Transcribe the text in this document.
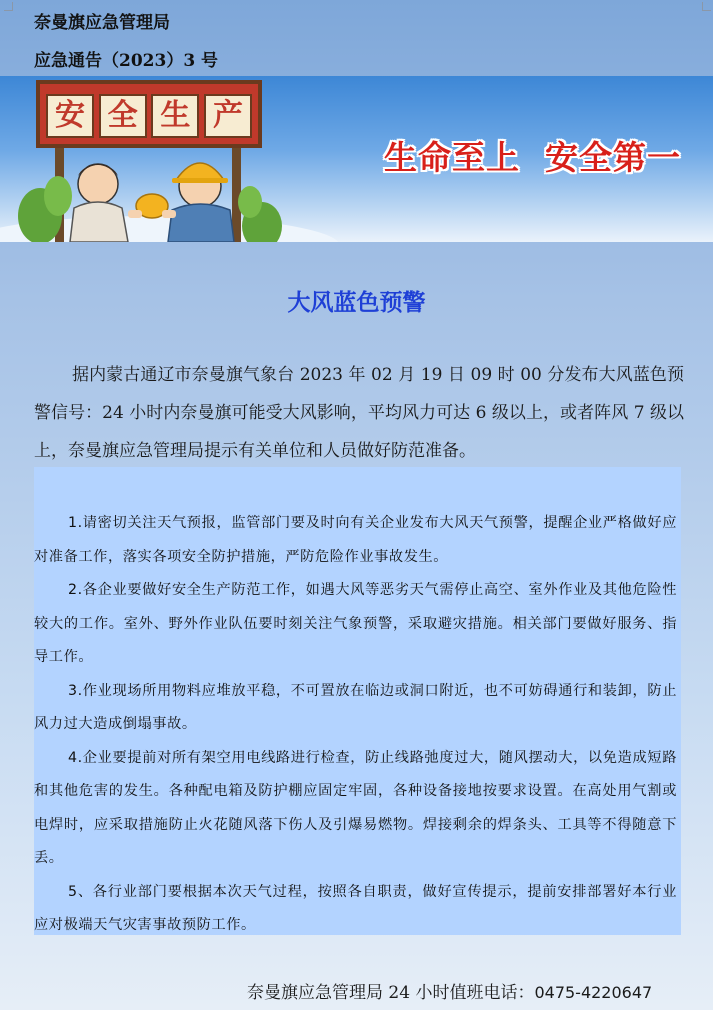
奈曼旗应急管理局
应急通告（2023）3 号
安 全 生 产
生命至上  安全第一
大风蓝色预警
据内蒙古通辽市奈曼旗气象台 2023 年 02 月 19 日 09 时 00 分发布大风蓝色预警信号：24 小时内奈曼旗可能受大风影响，平均风力可达 6 级以上，或者阵风 7 级以上，奈曼旗应急管理局提示有关单位和人员做好防范准备。

1.请密切关注天气预报，监管部门要及时向有关企业发布大风天气预警，提醒企业严格做好应对准备工作，落实各项安全防护措施，严防危险作业事故发生。

2.各企业要做好安全生产防范工作，如遇大风等恶劣天气需停止高空、室外作业及其他危险性较大的工作。室外、野外作业队伍要时刻关注气象预警，采取避灾措施。相关部门要做好服务、指导工作。

3.作业现场所用物料应堆放平稳，不可置放在临边或洞口附近，也不可妨碍通行和装卸，防止风力过大造成倒塌事故。

4.企业要提前对所有架空用电线路进行检查，防止线路弛度过大，随风摆动大，以免造成短路和其他危害的发生。各种配电箱及防护棚应固定牢固，各种设备接地按要求设置。在高处用气割或电焊时，应采取措施防止火花随风落下伤人及引爆易燃物。焊接剩余的焊条头、工具等不得随意下丢。

5、各行业部门要根据本次天气过程，按照各自职责，做好宣传提示，提前安排部署好本行业应对极端天气灾害事故预防工作。

奈曼旗应急管理局 24 小时值班电话：0475-4220647
